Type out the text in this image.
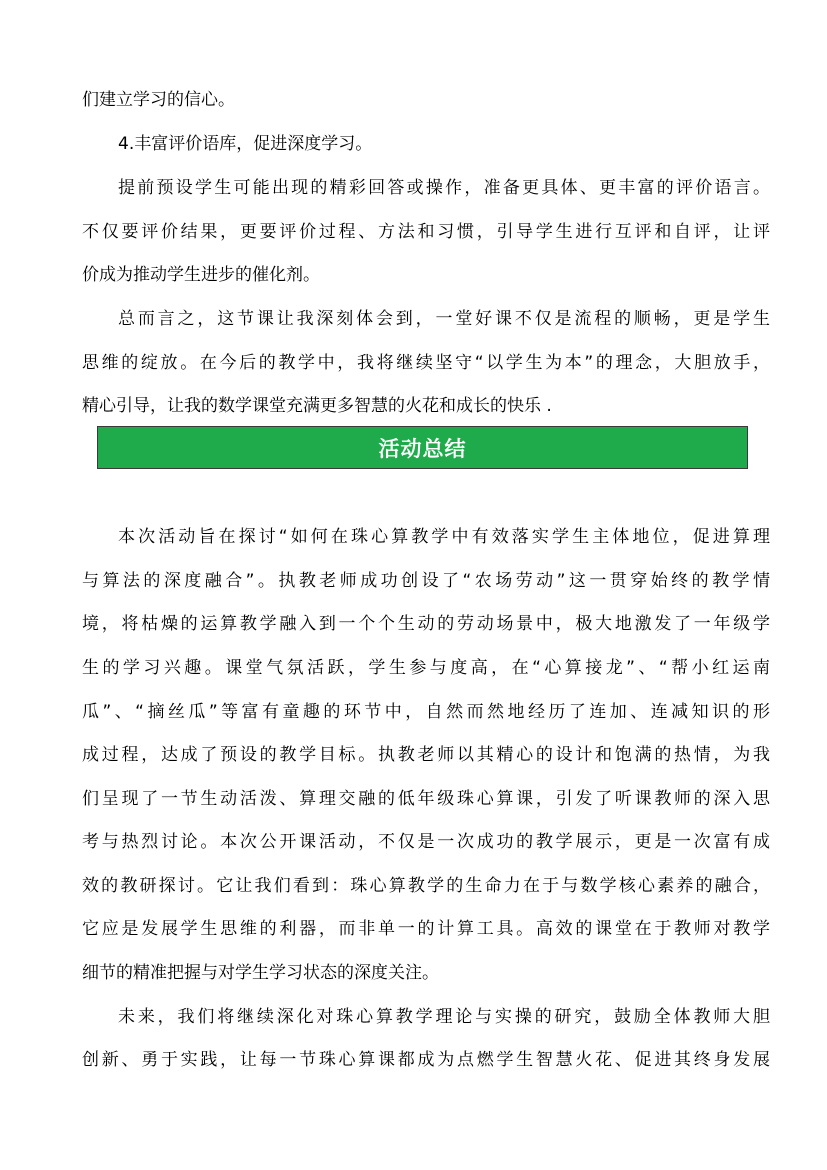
们建立学习的信心。
4.丰富评价语库，促进深度学习。
提前预设学生可能出现的精彩回答或操作，准备更具体、更丰富的评价语言。
不仅要评价结果，更要评价过程、方法和习惯，引导学生进行互评和自评，让评
价成为推动学生进步的催化剂。
总而言之，这节课让我深刻体会到，一堂好课不仅是流程的顺畅，更是学生
思维的绽放。在今后的教学中，我将继续坚守“以学生为本”的理念，大胆放手，
精心引导，让我的数学课堂充满更多智慧的火花和成长的快乐 .
活动总结
本次活动旨在探讨“如何在珠心算教学中有效落实学生主体地位，促进算理
与算法的深度融合”。执教老师成功创设了“农场劳动”这一贯穿始终的教学情
境，将枯燥的运算教学融入到一个个生动的劳动场景中，极大地激发了一年级学
生的学习兴趣。课堂气氛活跃，学生参与度高，在“心算接龙”、“帮小红运南
瓜”、“摘丝瓜”等富有童趣的环节中，自然而然地经历了连加、连减知识的形
成过程，达成了预设的教学目标。执教老师以其精心的设计和饱满的热情，为我
们呈现了一节生动活泼、算理交融的低年级珠心算课，引发了听课教师的深入思
考与热烈讨论。本次公开课活动，不仅是一次成功的教学展示，更是一次富有成
效的教研探讨。它让我们看到：珠心算教学的生命力在于与数学核心素养的融合，
它应是发展学生思维的利器，而非单一的计算工具。高效的课堂在于教师对教学
细节的精准把握与对学生学习状态的深度关注。
未来，我们将继续深化对珠心算教学理论与实操的研究，鼓励全体教师大胆
创新、勇于实践，让每一节珠心算课都成为点燃学生智慧火花、促进其终身发展
